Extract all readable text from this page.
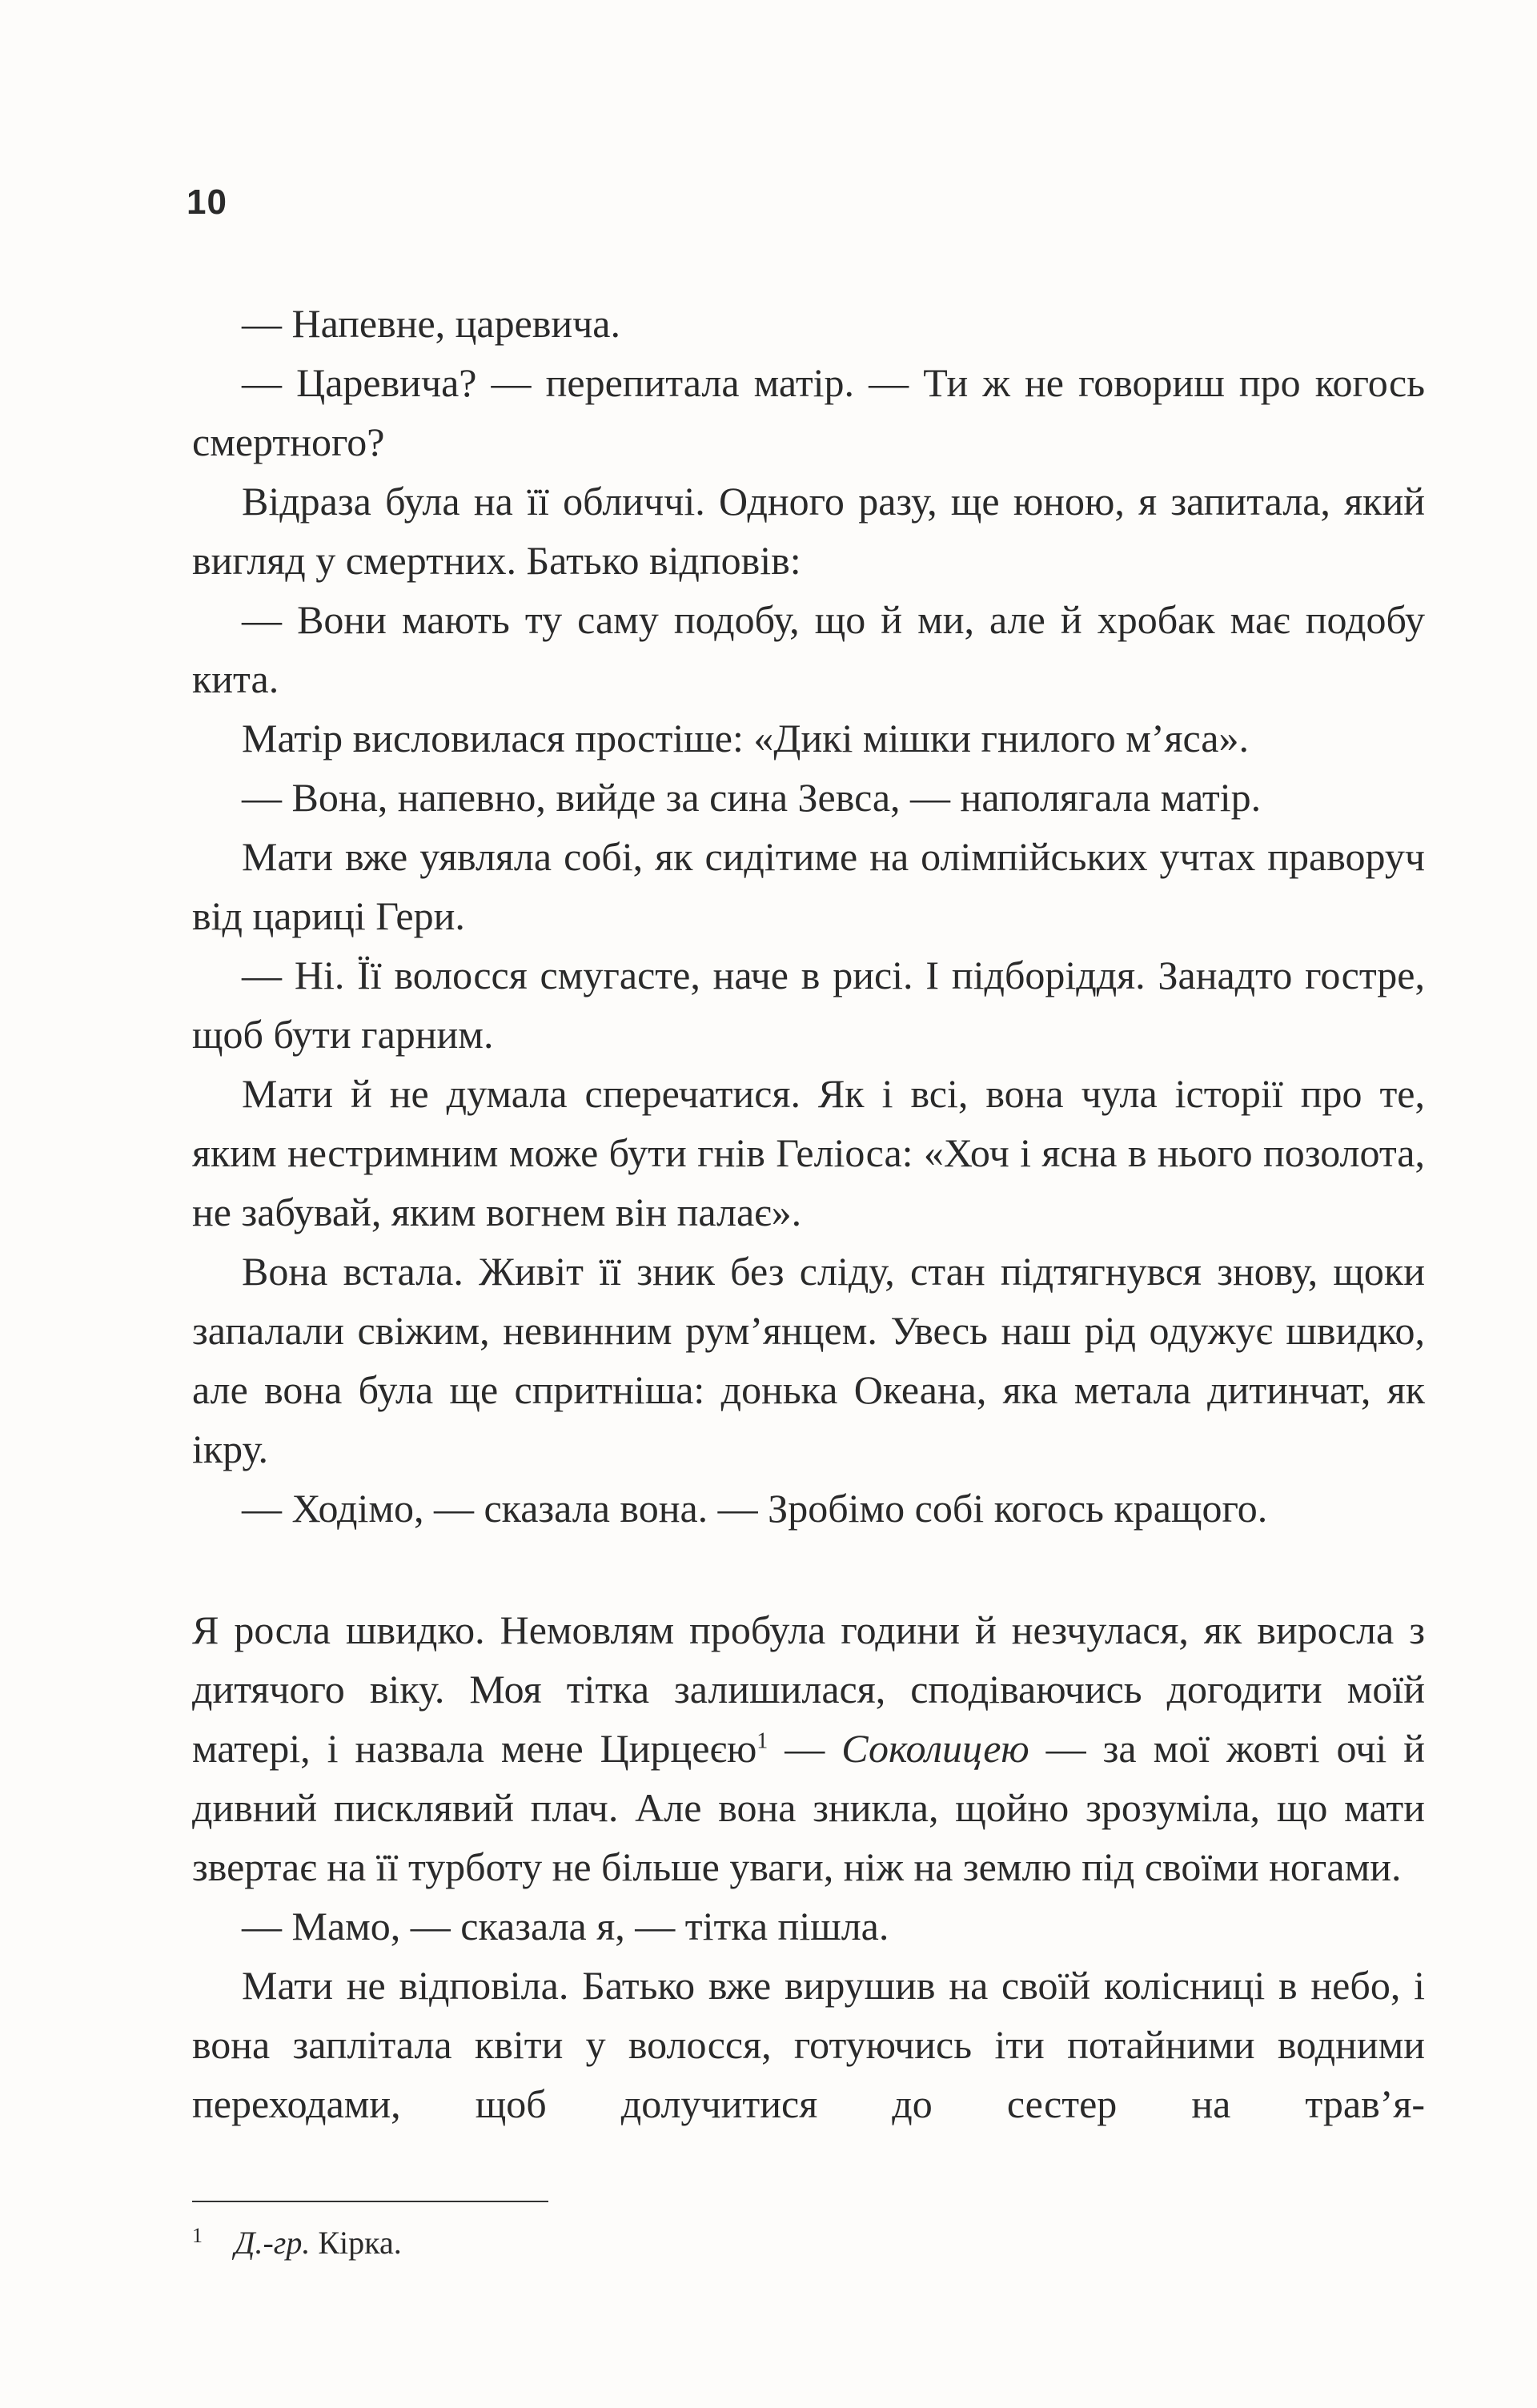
10

— Напевне, царевича.

— Царевича? — перепитала матір. — Ти ж не говориш про когось смертного?

Відраза була на її обличчі. Одного разу, ще юною, я запитала, який вигляд у смертних. Батько відповів:

— Вони мають ту саму подобу, що й ми, але й хробак має подобу кита.

Матір висловилася простіше: «Дикі мішки гнилого м’яса».

— Вона, напевно, вийде за сина Зевса, — наполягала матір.

Мати вже уявляла собі, як сидітиме на олімпійських учтах праворуч від цариці Гери.

— Ні. Її волосся смугасте, наче в рисі. І підборіддя. Занадто гостре, щоб бути гарним.

Мати й не думала сперечатися. Як і всі, вона чула історії про те, яким нестримним може бути гнів Геліоса: «Хоч і ясна в нього позолота, не забувай, яким вогнем він палає».

Вона встала. Живіт її зник без сліду, стан підтягнувся знову, щоки запалали свіжим, невинним рум’янцем. Увесь наш рід одужує швидко, але вона була ще спритніша: донька Океана, яка метала дитинчат, як ікру.

— Ходімо, — сказала вона. — Зробімо собі когось кращого.

Я росла швидко. Немовлям пробула години й незчулася, як виросла з дитячого віку. Моя тітка залишилася, сподіваючись догодити моїй матері, і назвала мене Цирцеєю$^1$ — Соколицею — за мої жовті очі й дивний писклявий плач. Але вона зникла, щойно зрозуміла, що мати звертає на її турботу не більше уваги, ніж на землю під своїми ногами.

— Мамо, — сказала я, — тітка пішла.

Мати не відповіла. Батько вже вирушив на своїй колісниці в небо, і вона заплітала квіти у волосся, готуючись іти потайними водними переходами, щоб долучитися до сестер на трав’я-

$^1$ Д.-гр. Кірка.
